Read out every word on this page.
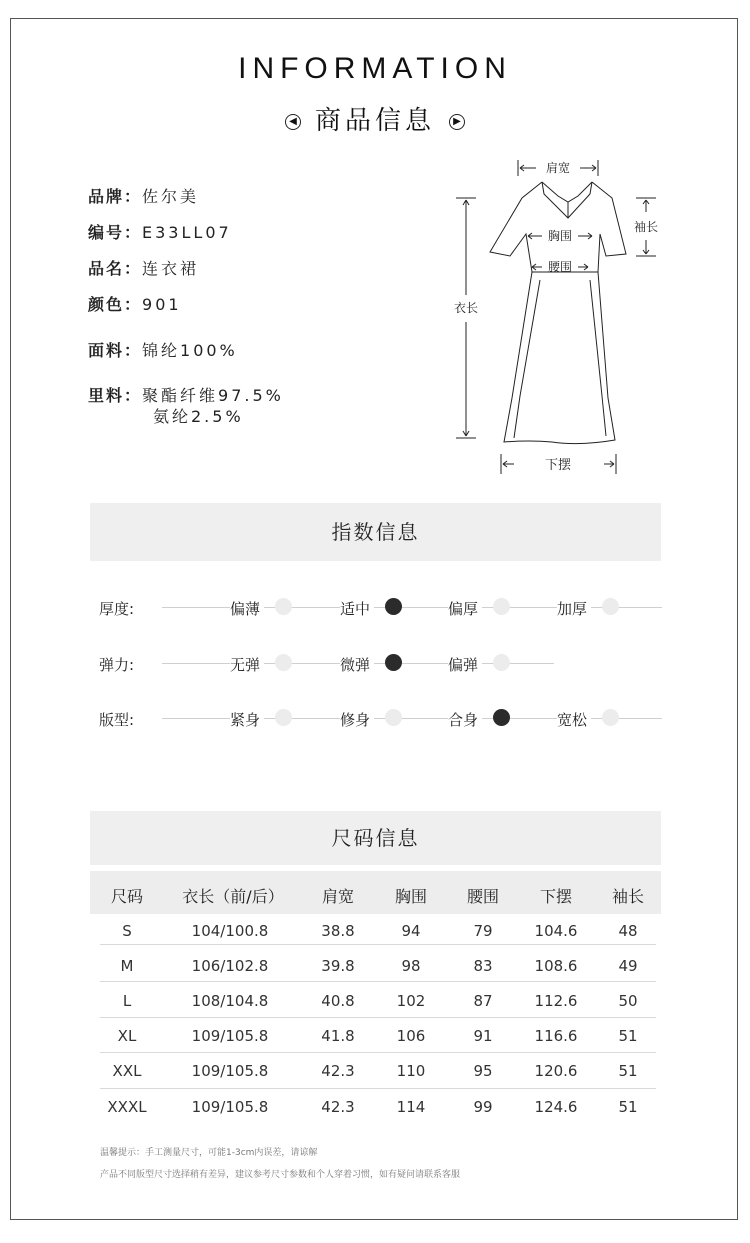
INFORMATION
◀ 商品信息 ▶
品牌：佐尔美
编号：E33LL07
品名：连衣裙
颜色：901
面料：锦纶100%
里料：聚酯纤维97.5%
氨纶2.5%
肩宽
袖长
胸围
腰围
衣长
下摆
指数信息
厚度:	偏薄	适中	偏厚	加厚
弹力:	无弹	微弹	偏弹
版型:	紧身	修身	合身	宽松
尺码信息
尺码 衣长（前/后） 肩宽	胸围 腰围	下摆 袖长
S	104/100.8	38.8	94	79	104.6	48
M	106/102.8	39.8	98	83	108.6	49
L	108/104.8	40.8	102	87	112.6	50
XL	109/105.8	41.8	106	91	116.6	51
XXL	109/105.8	42.3	110	95	120.6	51
XXXL	109/105.8	42.3	114	99	124.6	51
温馨提示：手工测量尺寸，可能1-3cm内误差，请谅解
产品不同版型尺寸选择稍有差异，建议参考尺寸参数和个人穿着习惯，如有疑问请联系客服
